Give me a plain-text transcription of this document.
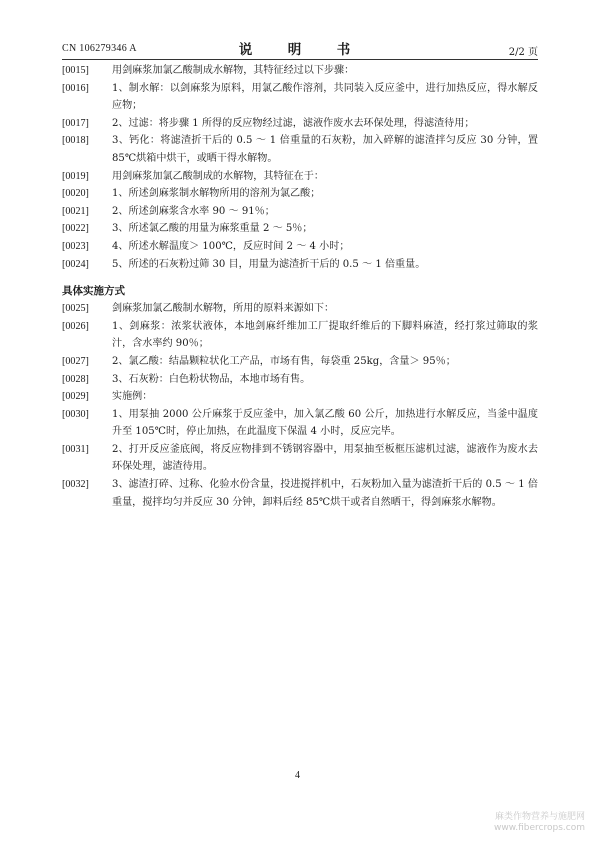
CN 106279346 A	说　明　书	2/2 页
[0015]	用剑麻浆加氯乙酸制成水解物，其特征经过以下步骤：
[0016]	1、制水解：以剑麻浆为原料，用氯乙酸作溶剂，共同装入反应釜中，进行加热反应，得水解反应物；
[0017]	2、过滤：将步骤 1 所得的反应物经过滤，滤液作废水去环保处理，得滤渣待用；
[0018]	3、钙化：将滤渣折干后的 0.5 ～ 1 倍重量的石灰粉，加入碎解的滤渣拌匀反应 30 分钟，置 85℃烘箱中烘干，或晒干得水解物。
[0019]	用剑麻浆加氯乙酸制成的水解物，其特征在于：
[0020]	1、所述剑麻浆制水解物所用的溶剂为氯乙酸；
[0021]	2、所述剑麻浆含水率 90 ～ 91％；
[0022]	3、所述氯乙酸的用量为麻浆重量 2 ～ 5％；
[0023]	4、所述水解温度＞ 100℃，反应时间 2 ～ 4 小时；
[0024]	5、所述的石灰粉过筛 30 目，用量为滤渣折干后的 0.5 ～ 1 倍重量。
具体实施方式
[0025]	剑麻浆加氯乙酸制水解物，所用的原料来源如下：
[0026]	1、剑麻浆：浓浆状液体，本地剑麻纤维加工厂提取纤维后的下脚料麻渣，经打浆过筛取的浆汁，含水率约 90％；
[0027]	2、氯乙酸：结晶颗粒状化工产品，市场有售，每袋重 25kg，含量＞ 95％；
[0028]	3、石灰粉：白色粉状物品，本地市场有售。
[0029]	实施例：
[0030]	1、用泵抽 2000 公斤麻浆于反应釜中，加入氯乙酸 60 公斤，加热进行水解反应，当釜中温度升至 105℃时，停止加热，在此温度下保温 4 小时，反应完毕。
[0031]	2、打开反应釜底阀，将反应物排到不锈钢容器中，用泵抽至板框压滤机过滤，滤液作为废水去环保处理，滤渣待用。
[0032]	3、滤渣打碎、过称、化验水份含量，投进搅拌机中，石灰粉加入量为滤渣折干后的 0.5 ～ 1 倍重量，搅拌均匀并反应 30 分钟，卸料后经 85℃烘干或者自然晒干，得剑麻浆水解物。
4
麻类作物营养与施肥网
www.fibercrops.com
